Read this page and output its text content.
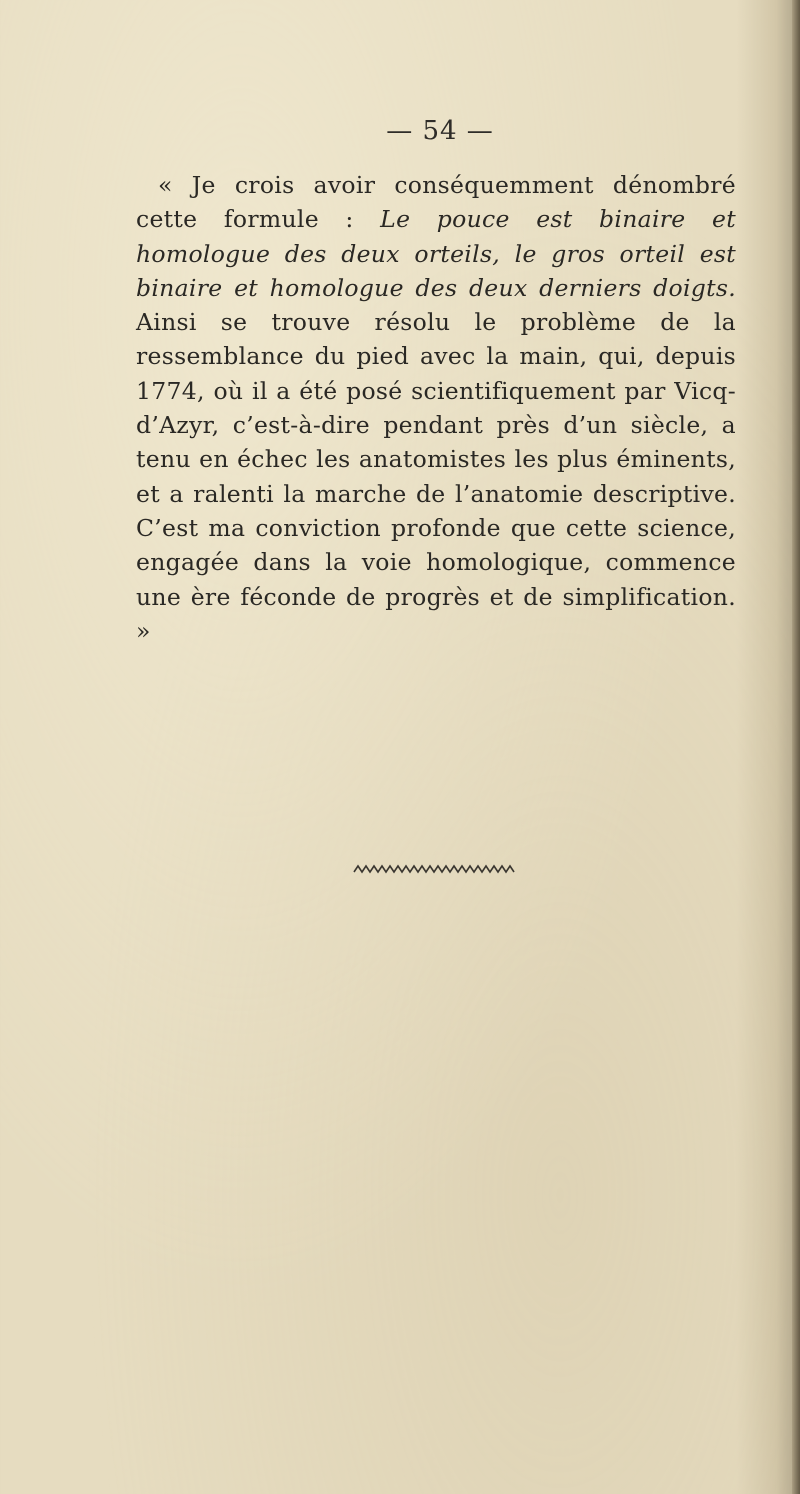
— 54 —

« Je crois avoir conséquemment dénombré cette formule : Le pouce est binaire et homologue des deux orteils, le gros orteil est binaire et homologue des deux derniers doigts. Ainsi se trouve résolu le problème de la ressemblance du pied avec la main, qui, depuis 1774, où il a été posé scientifiquement par Vicq-d’Azyr, c’est-à-dire pendant près d’un siècle, a tenu en échec les anatomistes les plus éminents, et a ralenti la marche de l’anatomie descriptive. C’est ma conviction profonde que cette science, engagée dans la voie homologique, commence une ère féconde de progrès et de simplification. »
